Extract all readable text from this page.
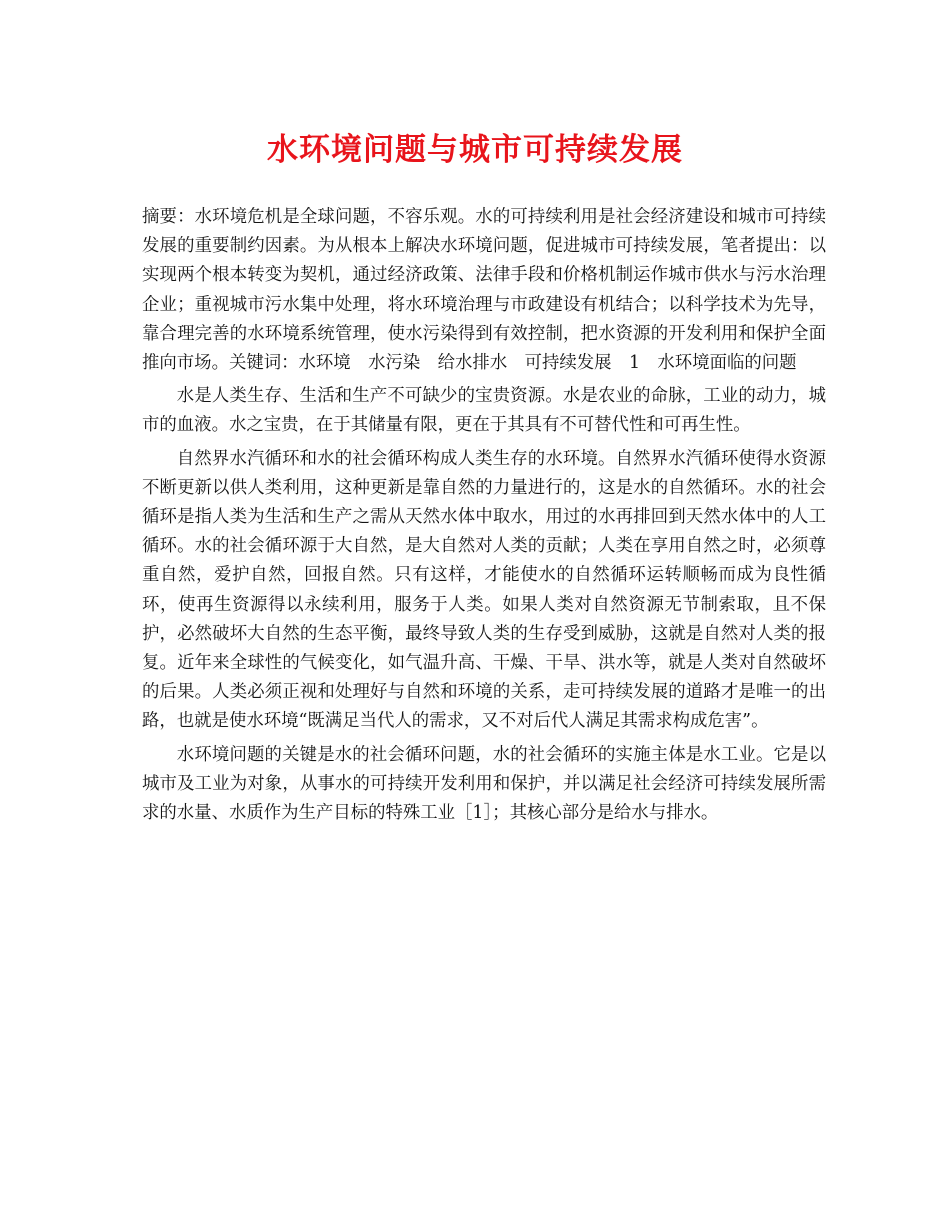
水环境问题与城市可持续发展

摘要：水环境危机是全球问题，不容乐观。水的可持续利用是社会经济建设和城市可持续发展的重要制约因素。为从根本上解决水环境问题，促进城市可持续发展，笔者提出：以实现两个根本转变为契机，通过经济政策、法律手段和价格机制运作城市供水与污水治理企业；重视城市污水集中处理，将水环境治理与市政建设有机结合；以科学技术为先导，靠合理完善的水环境系统管理，使水污染得到有效控制，把水资源的开发利用和保护全面推向市场。关键词：水环境　水污染　给水排水　可持续发展　1　水环境面临的问题

水是人类生存、生活和生产不可缺少的宝贵资源。水是农业的命脉，工业的动力，城市的血液。水之宝贵，在于其储量有限，更在于其具有不可替代性和可再生性。

自然界水汽循环和水的社会循环构成人类生存的水环境。自然界水汽循环使得水资源不断更新以供人类利用，这种更新是靠自然的力量进行的，这是水的自然循环。水的社会循环是指人类为生活和生产之需从天然水体中取水，用过的水再排回到天然水体中的人工循环。水的社会循环源于大自然，是大自然对人类的贡献；人类在享用自然之时，必须尊重自然，爱护自然，回报自然。只有这样，才能使水的自然循环运转顺畅而成为良性循环，使再生资源得以永续利用，服务于人类。如果人类对自然资源无节制索取，且不保护，必然破坏大自然的生态平衡，最终导致人类的生存受到威胁，这就是自然对人类的报复。近年来全球性的气候变化，如气温升高、干燥、干旱、洪水等，就是人类对自然破坏的后果。人类必须正视和处理好与自然和环境的关系，走可持续发展的道路才是唯一的出路，也就是使水环境“既满足当代人的需求，又不对后代人满足其需求构成危害”。

水环境问题的关键是水的社会循环问题，水的社会循环的实施主体是水工业。它是以城市及工业为对象，从事水的可持续开发利用和保护，并以满足社会经济可持续发展所需求的水量、水质作为生产目标的特殊工业［1］；其核心部分是给水与排水。
